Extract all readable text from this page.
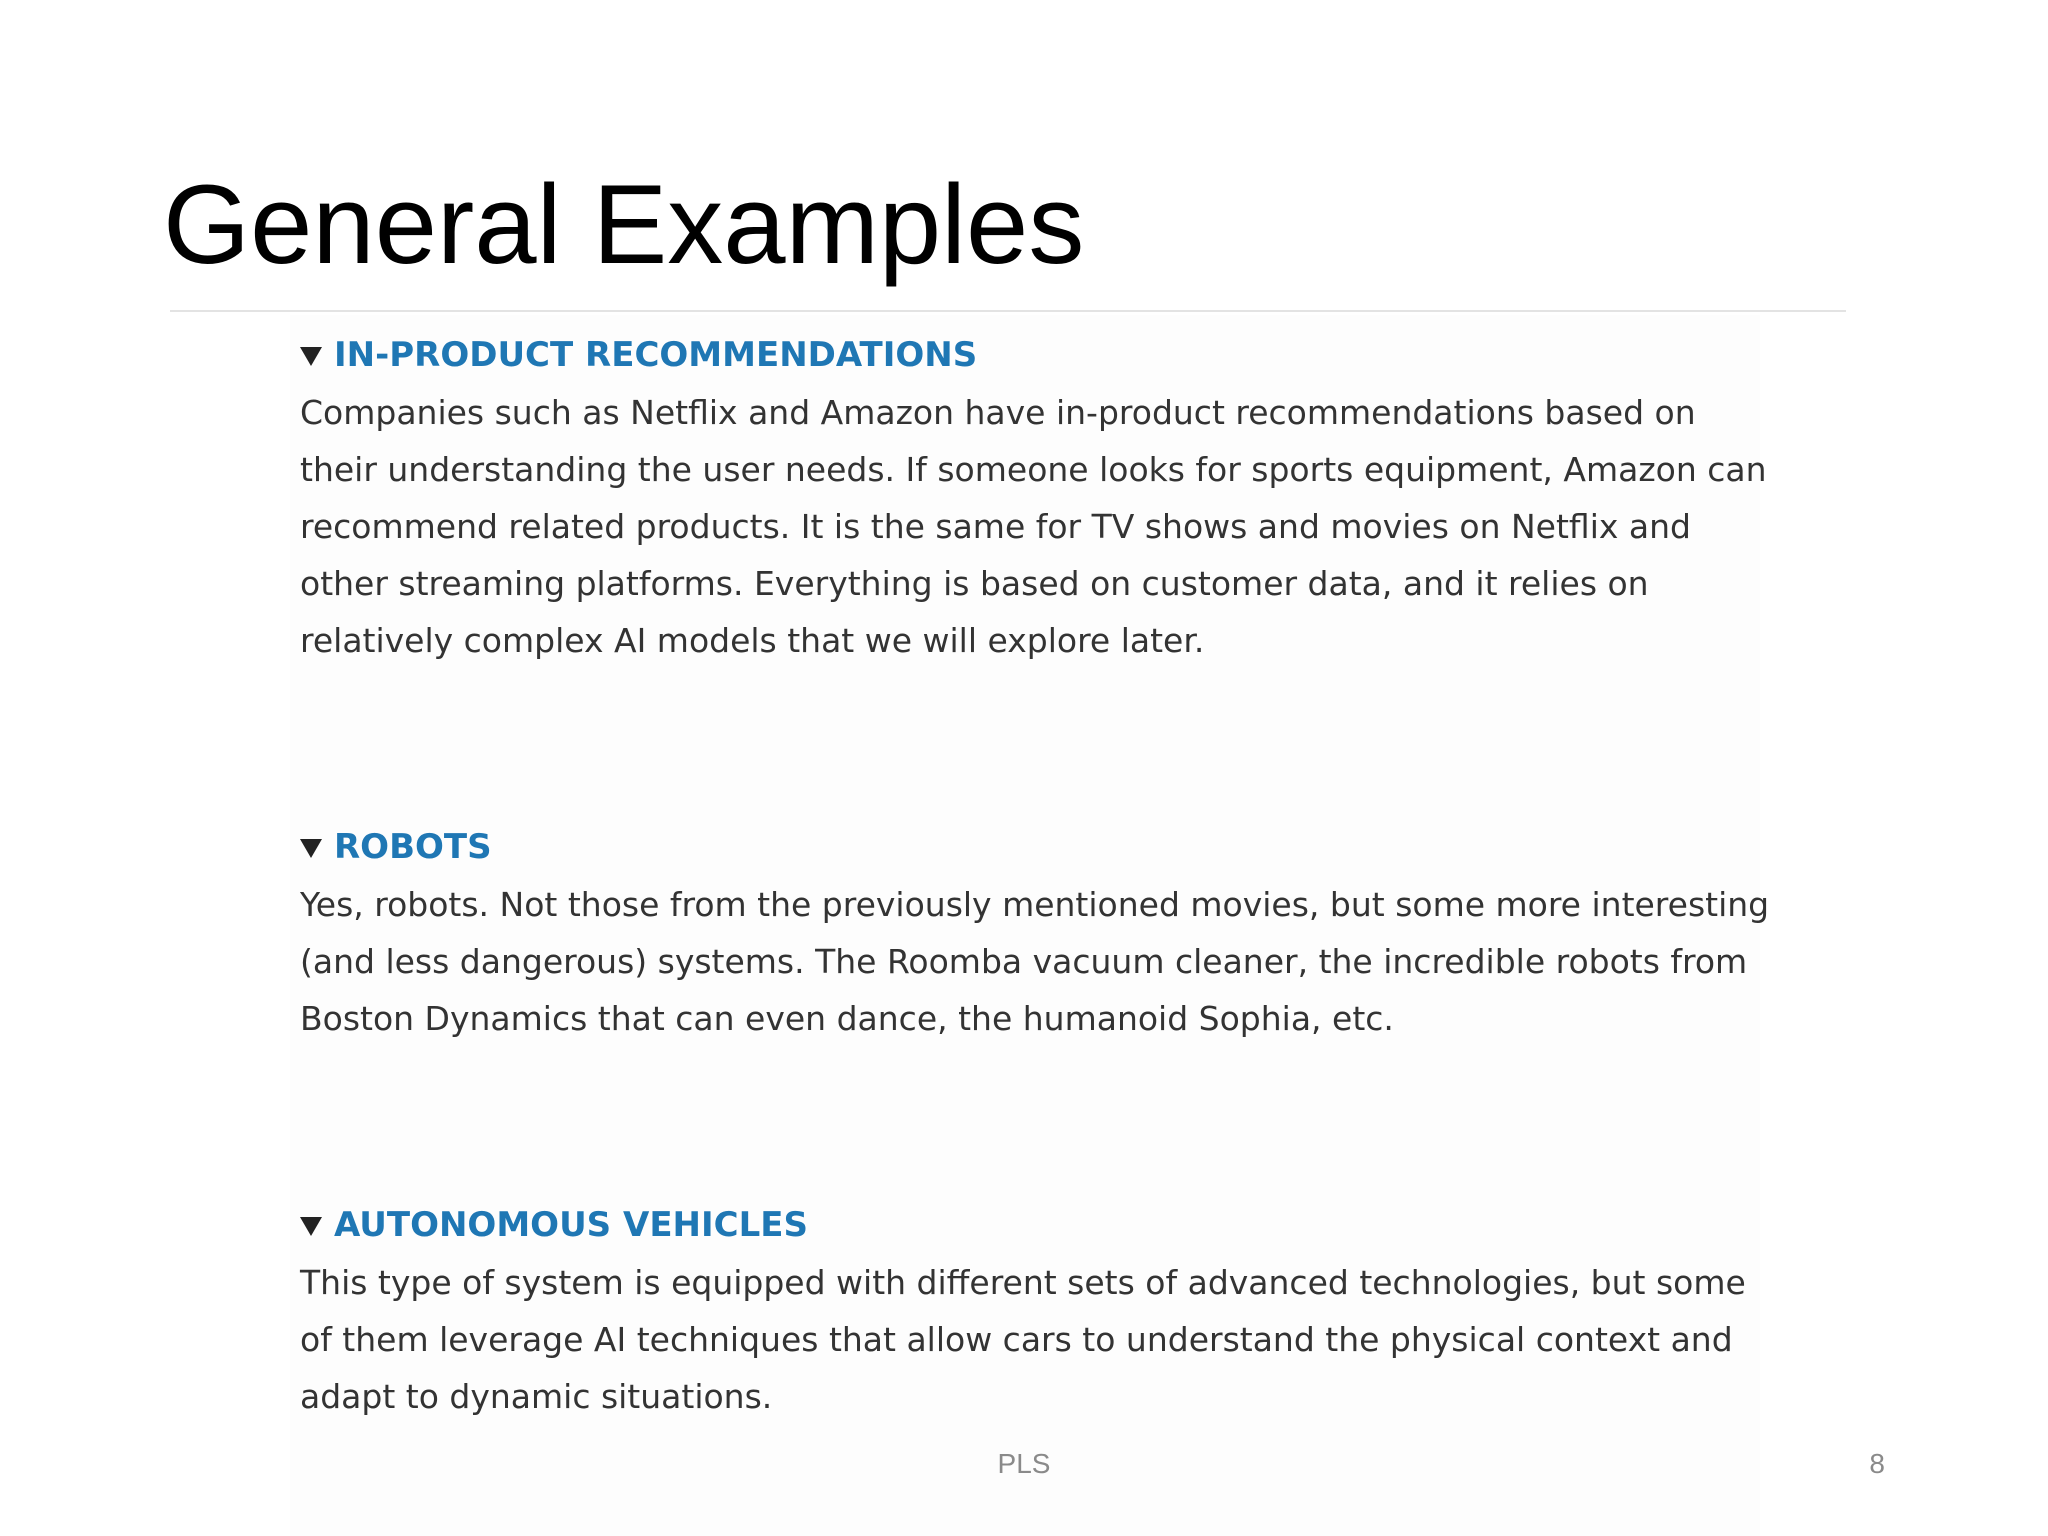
General Examples
IN-PRODUCT RECOMMENDATIONS

Companies such as Netflix and Amazon have in-product recommendations based on
their understanding the user needs. If someone looks for sports equipment, Amazon can
recommend related products. It is the same for TV shows and movies on Netflix and
other streaming platforms. Everything is based on customer data, and it relies on
relatively complex AI models that we will explore later.

ROBOTS

Yes, robots. Not those from the previously mentioned movies, but some more interesting
(and less dangerous) systems. The Roomba vacuum cleaner, the incredible robots from
Boston Dynamics that can even dance, the humanoid Sophia, etc.

AUTONOMOUS VEHICLES

This type of system is equipped with different sets of advanced technologies, but some
of them leverage AI techniques that allow cars to understand the physical context and
adapt to dynamic situations.

PLS	8
